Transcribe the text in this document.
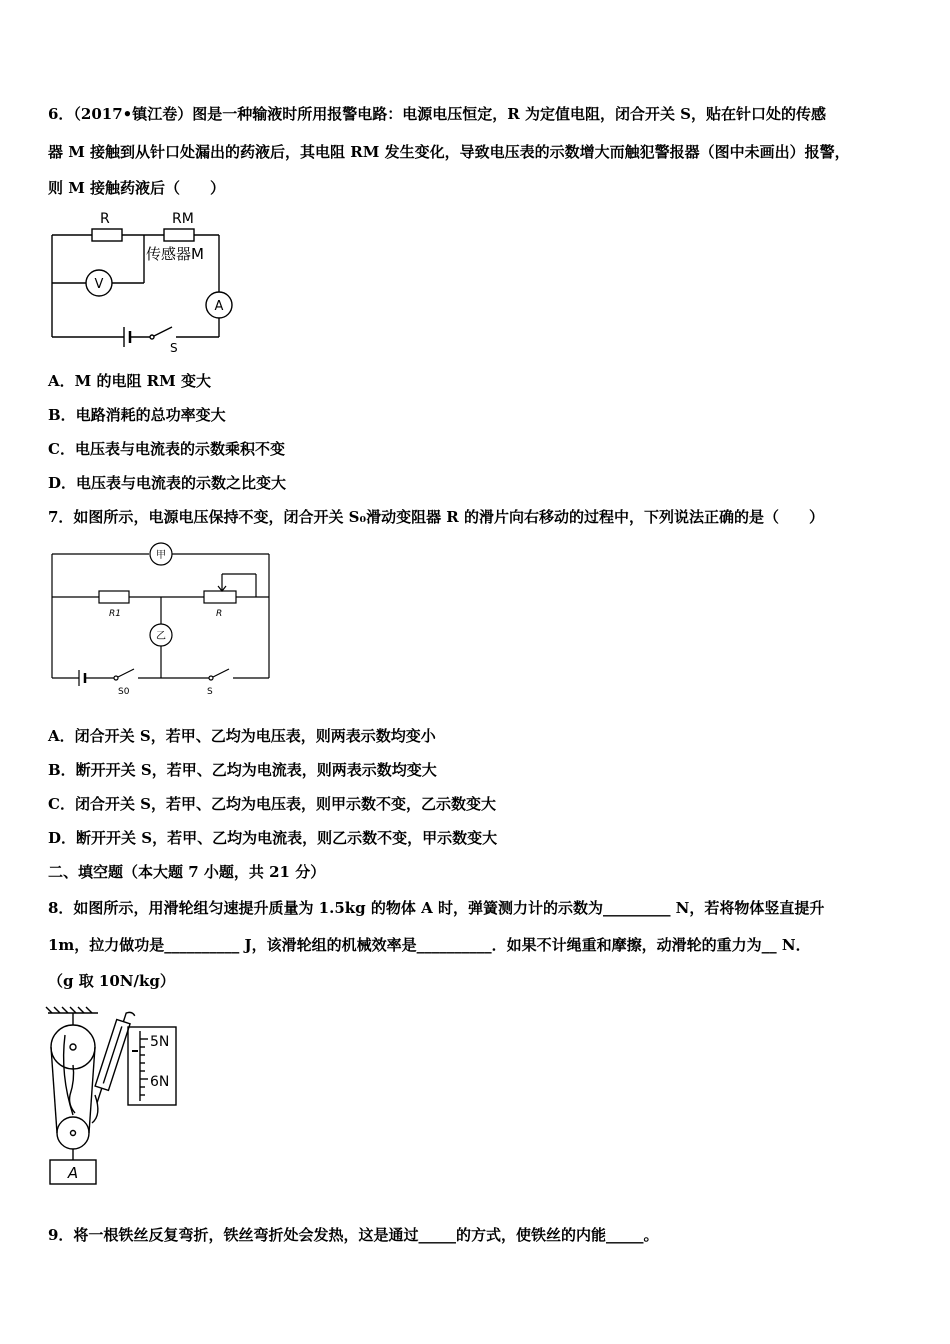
6．（2017•镇江卷）图是一种输液时所用报警电路：电源电压恒定，R 为定值电阻，闭合开关 S，贴在针口处的传感
器 M 接触到从针口处漏出的药液后，其电阻 RM 发生变化，导致电压表的示数增大而触犯警报器（图中未画出）报警，
则 M 接触药液后（　　）
R	RM
传感器M
V
A
S
A．M 的电阻 RM 变大
B．电路消耗的总功率变大
C．电压表与电流表的示数乘积不变
D．电压表与电流表的示数之比变大
7．如图所示，电源电压保持不变，闭合开关 S₀滑动变阻器 R 的滑片向右移动的过程中，下列说法正确的是（　　）
甲
乙
R1	R
S0	S
A．闭合开关 S，若甲、乙均为电压表，则两表示数均变小
B．断开开关 S，若甲、乙均为电流表，则两表示数均变大
C．闭合开关 S，若甲、乙均为电压表，则甲示数不变，乙示数变大
D．断开开关 S，若甲、乙均为电流表，则乙示数不变，甲示数变大
二、填空题（本大题 7 小题，共 21 分）
8．如图所示，用滑轮组匀速提升质量为 1.5kg 的物体 A 时，弹簧测力计的示数为_________ N，若将物体竖直提升
1m，拉力做功是__________ J，该滑轮组的机械效率是__________．如果不计绳重和摩擦，动滑轮的重力为__ N．
（g 取 10N/kg）
5N
6N
A
9．将一根铁丝反复弯折，铁丝弯折处会发热，这是通过_____的方式，使铁丝的内能_____。
